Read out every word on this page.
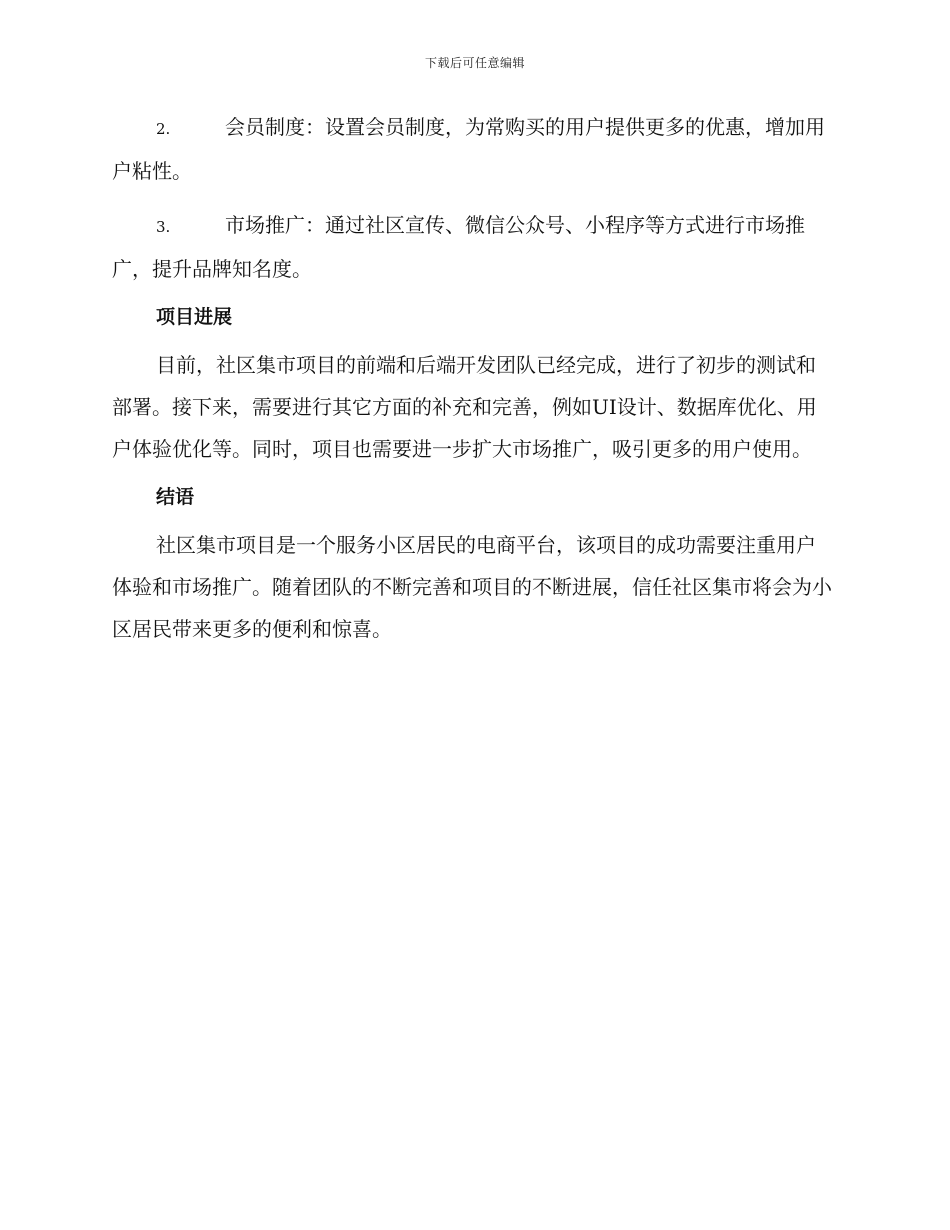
下载后可任意编辑

2.	会员制度：设置会员制度，为常购买的用户提供更多的优惠，增加用户粘性。

3.	市场推广：通过社区宣传、微信公众号、小程序等方式进行市场推广，提升品牌知名度。

项目进展

目前，社区集市项目的前端和后端开发团队已经完成，进行了初步的测试和部署。接下来，需要进行其它方面的补充和完善，例如UI设计、数据库优化、用户体验优化等。同时，项目也需要进一步扩大市场推广，吸引更多的用户使用。

结语

社区集市项目是一个服务小区居民的电商平台，该项目的成功需要注重用户体验和市场推广。随着团队的不断完善和项目的不断进展，信任社区集市将会为小区居民带来更多的便利和惊喜。
